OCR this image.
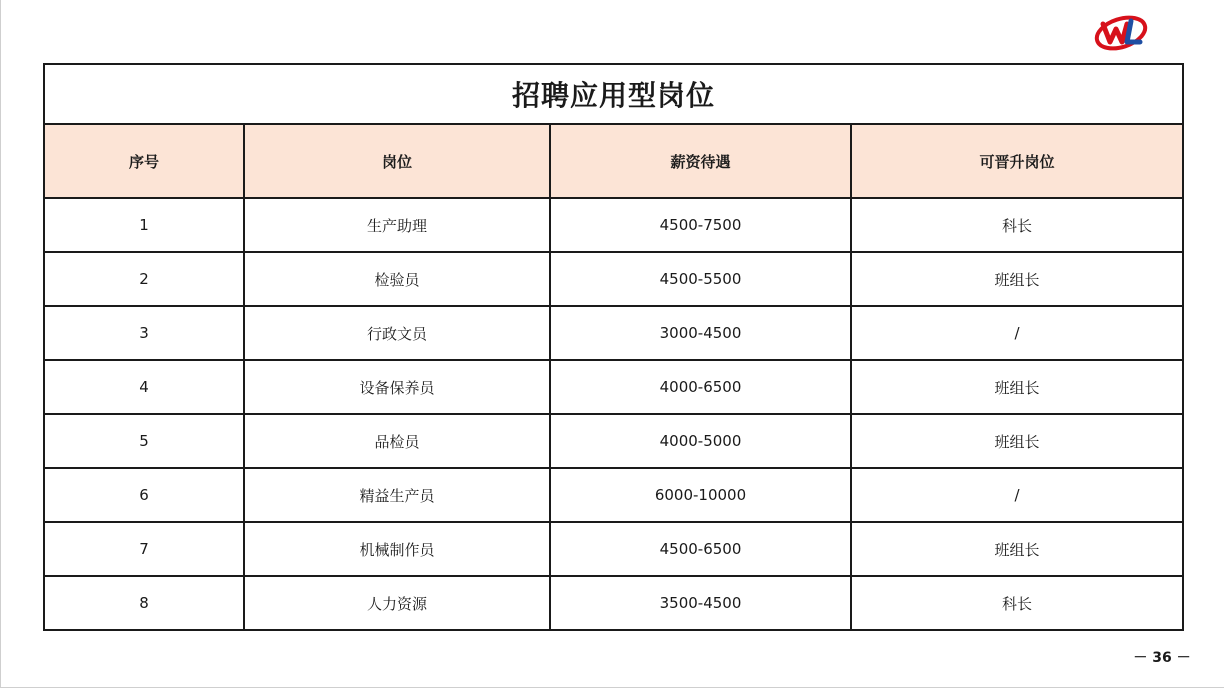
招聘应用型岗位			
序号	岗位	薪资待遇	可晋升岗位
1	生产助理	4500-7500	科长
2	检验员	4500-5500	班组长
3	行政文员	3000-4500	/
4	设备保养员	4000-6500	班组长
5	品检员	4000-5000	班组长
6	精益生产员	6000-10000	/
7	机械制作员	4500-6500	班组长
8	人力资源	3500-4500	科长
－ 36 －
